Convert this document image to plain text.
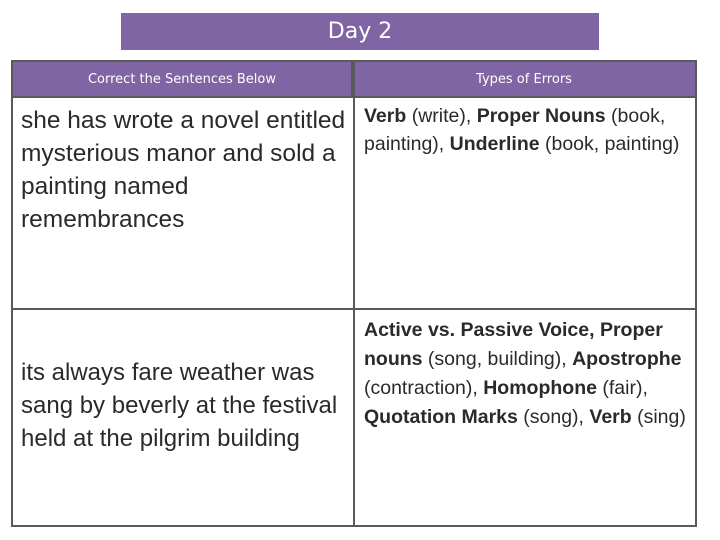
Day 2
Correct the Sentences Below	Types of Errors
she has wrote a novel entitled mysterious manor and sold a painting named remembrances
Verb (write), Proper Nouns (book, painting), Underline (book, painting)
its always fare weather was sang by beverly at the festival held at the pilgrim building
Active vs. Passive Voice, Proper nouns (song, building), Apostrophe (contraction), Homophone (fair), Quotation Marks (song), Verb (sing)
